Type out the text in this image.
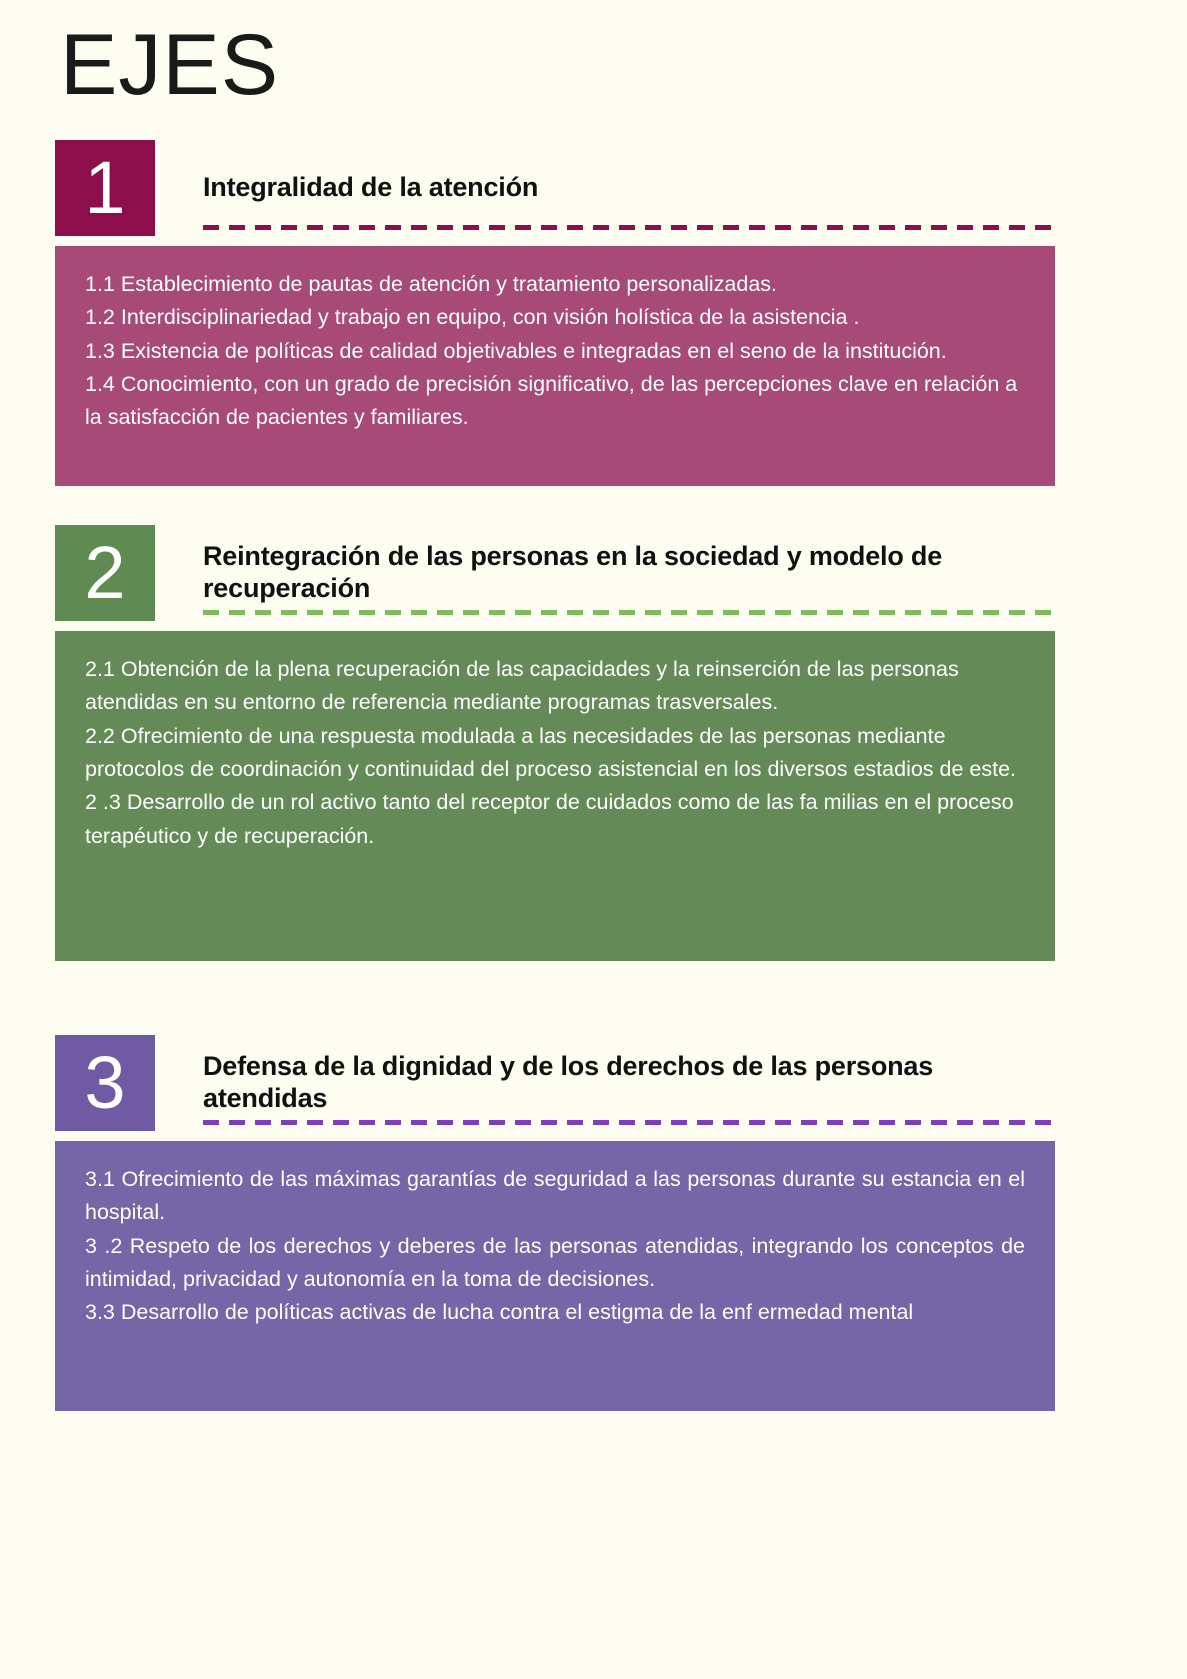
EJES
1	Integralidad de la atención

1.1 Establecimiento de pautas de atención y tratamiento personalizadas.

1.2 Interdisciplinariedad y trabajo en equipo, con visión holística de la asistencia .

1.3 Existencia de políticas de calidad objetivables e integradas en el seno de la institución.

1.4 Conocimiento, con un grado de precisión significativo, de las percepciones clave en relación a la satisfacción de pacientes y familiares.

2	Reintegración de las personas en la sociedad y modelo de recuperación

2.1 Obtención de la plena recuperación de las capacidades y la reinserción de las personas atendidas en su entorno de referencia mediante programas trasversales.

2.2 Ofrecimiento de una respuesta modulada a las necesidades de las personas mediante protocolos de coordinación y continuidad del proceso asistencial en los diversos estadios de este.

2 .3 Desarrollo de un rol activo tanto del receptor de cuidados como de las fa milias en el proceso terapéutico y de recuperación.

3	Defensa de la dignidad y de los derechos de las personas atendidas

3.1 Ofrecimiento de las máximas garantías de seguridad a las personas durante su estancia en el hospital.

3 .2 Respeto de los derechos y deberes de las personas atendidas, integrando los conceptos de intimidad, privacidad y autonomía en la toma de decisiones.

3.3 Desarrollo de políticas activas de lucha contra el estigma de la enf ermedad mental
